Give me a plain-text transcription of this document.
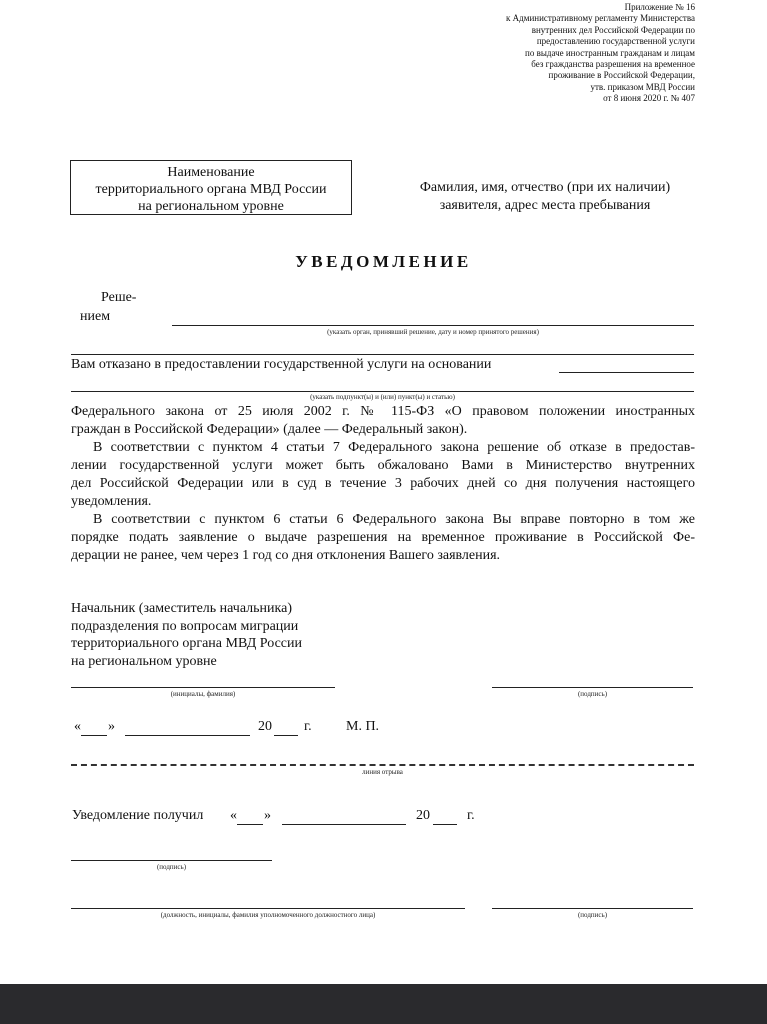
Приложение № 16
к Административному регламенту Министерства
внутренних дел Российской Федерации по
предоставлению государственной услуги
по выдаче иностранным гражданам и лицам
без гражданства разрешения на временное
проживание в Российской Федерации,
утв. приказом МВД России
от 8 июня 2020 г. № 407
Наименование
территориального органа МВД России
на региональном уровне
Фамилия, имя, отчество (при их наличии)
заявителя, адрес места пребывания
УВЕДОМЛЕНИЕ
Реше-
нием
(указать орган, принявший решение, дату и номер принятого решения)
Вам отказано в предоставлении государственной услуги на основании
(указать подпункт(ы) и (или) пункт(ы) и статью)
Федерального закона от 25 июля 2002 г. № 115-ФЗ «О правовом положении иностранных
граждан в Российской Федерации» (далее — Федеральный закон).
В соответствии с пунктом 4 статьи 7 Федерального закона решение об отказе в предостав-
лении государственной услуги может быть обжаловано Вами в Министерство внутренних
дел Российской Федерации или в суд в течение 3 рабочих дней со дня получения настоящего
уведомления.
В соответствии с пунктом 6 статьи 6 Федерального закона Вы вправе повторно в том же
порядке подать заявление о выдаче разрешения на временное проживание в Российской Фе-
дерации не ранее, чем через 1 год со дня отклонения Вашего заявления.
Начальник (заместитель начальника)
подразделения по вопросам миграции
территориального органа МВД России
на региональном уровне
(инициалы, фамилия)	(подпись)
« »	20 г. М. П.
линия отрыва
Уведомление получил « »	20	г.
(подпись)
(должность, инициалы, фамилия уполномоченного должностного лица)	(подпись)
